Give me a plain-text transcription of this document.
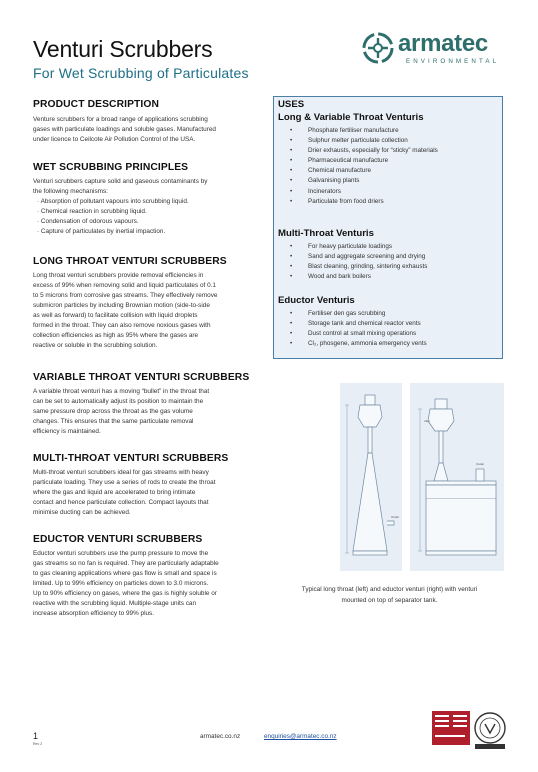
Venturi Scrubbers
For Wet Scrubbing of Particulates
armatec
ENVIRONMENTAL
PRODUCT DESCRIPTION
Venture scrubbers for a broad range of applications scrubbing
gases with particulate loadings and soluble gases. Manufactured
under licence to Ceilcote Air Pollution Control of the USA.
WET SCRUBBING PRINCIPLES
Venturi scrubbers capture solid and gaseous contaminants by
the following mechanisms:
· Absorption of pollutant vapours into scrubbing liquid.
· Chemical reaction in scrubbing liquid.
· Condensation of odorous vapours.
· Capture of particulates by inertial impaction.
LONG THROAT VENTURI SCRUBBERS
Long throat venturi scrubbers provide removal efficiencies in
excess of 99% when removing solid and liquid particulates of 0.1
to 5 microns from corrosive gas streams. They effectively remove
submicron particles by including Brownian motion (side-to-side
as well as forward) to facilitate collision with liquid droplets
formed in the throat. They can also remove noxious gases with
collection efficiencies as high as 95% where the gases are
reactive or soluble in the scrubbing solution.
VARIABLE THROAT VENTURI SCRUBBERS
A variable throat venturi has a moving “bullet” in the throat that
can be set to automatically adjust its position to maintain the
same pressure drop across the throat as the gas volume
changes. This ensures that the same particulate removal
efficiency is maintained.
MULTI-THROAT VENTURI SCRUBBERS
Multi-throat venturi scrubbers ideal for gas streams with heavy
particulate loading. They use a series of rods to create the throat
where the gas and liquid are accelerated to bring intimate
contact and hence particulate collection. Compact layouts that
minimise ducting can be achieved.
EDUCTOR VENTURI SCRUBBERS
Eductor venturi scrubbers use the pump pressure to move the
gas streams so no fan is required. They are particularly adaptable
to gas cleaning applications where gas flow is small and space is
limited. Up to 99% efficiency on particles down to 3.0 microns.
Up to 90% efficiency on gases, where the gas is highly soluble or
reactive with the scrubbing liquid. Multiple-stage units can
increase absorption efficiency to 99% plus.
USES
Long & Variable Throat Venturis
•	Phosphate fertiliser manufacture
•	Sulphur melter particulate collection
•	Drier exhausts, especially for “sticky” materials
•	Pharmaceutical manufacture
•	Chemical manufacture
•	Galvanising plants
•	Incinerators
•	Particulate from food driers
Multi-Throat Venturis
•	For heavy particulate loadings
•	Sand and aggregate screening and drying
•	Blast cleaning, grinding, sintering exhausts
•	Wood and bark boilers
Eductor Venturis
•	Fertiliser den gas scrubbing
•	Storage tank and chemical reactor vents
•	Dust control at small mixing operations
•	Cl₂, phosgene, ammonia emergency vents
Outlet
Inlet
Outlet
Typical long throat (left) and eductor venturi (right) with venturi
mounted on top of separator tank.
1
Rev 2
armatec.co.nz	enquiries@armatec.co.nz
